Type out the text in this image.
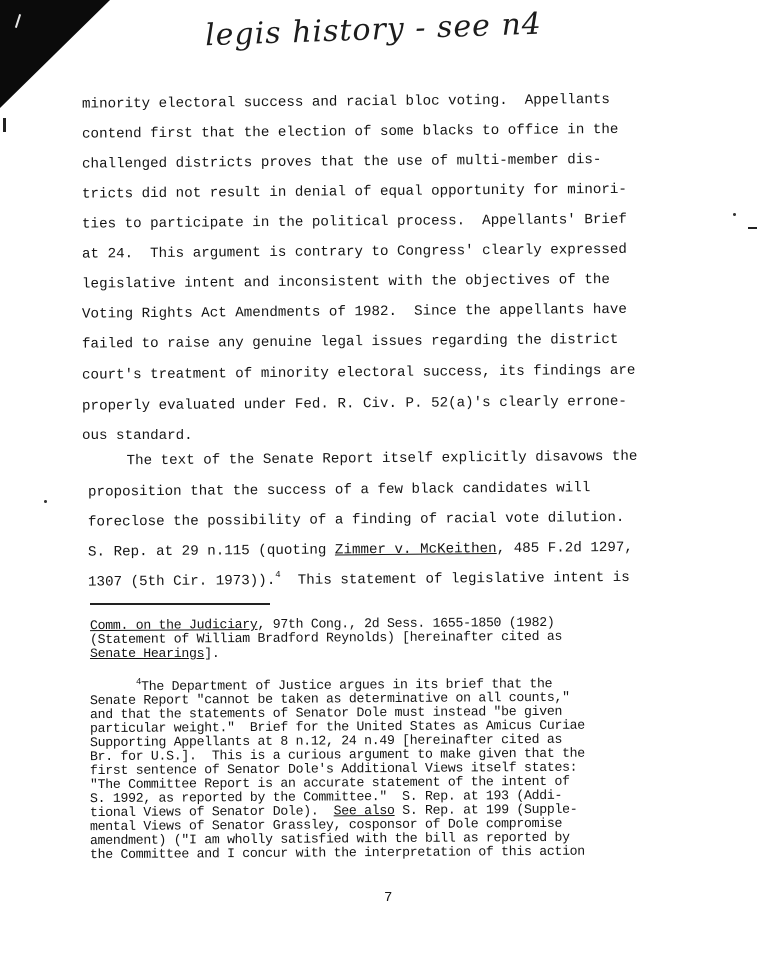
legis history - see n4

minority electoral success and racial bloc voting.  Appellants

contend first that the election of some blacks to office in the

challenged districts proves that the use of multi-member dis-

tricts did not result in denial of equal opportunity for minori-

ties to participate in the political process.  Appellants' Brief

at 24.  This argument is contrary to Congress' clearly expressed

legislative intent and inconsistent with the objectives of the

Voting Rights Act Amendments of 1982.  Since the appellants have

failed to raise any genuine legal issues regarding the district

court's treatment of minority electoral success, its findings are

properly evaluated under Fed. R. Civ. P. 52(a)'s clearly errone-

ous standard.

The text of the Senate Report itself explicitly disavows the

proposition that the success of a few black candidates will

foreclose the possibility of a finding of racial vote dilution.

S. Rep. at 29 n.115 (quoting Zimmer v. McKeithen, 485 F.2d 1297,

1307 (5th Cir. 1973)).$^4$  This statement of legislative intent is

Comm. on the Judiciary, 97th Cong., 2d Sess. 1655-1850 (1982)

(Statement of William Bradford Reynolds) [hereinafter cited as

Senate Hearings].

$^4$The Department of Justice argues in its brief that the

Senate Report "cannot be taken as determinative on all counts,"

and that the statements of Senator Dole must instead "be given

particular weight."  Brief for the United States as Amicus Curiae

Supporting Appellants at 8 n.12, 24 n.49 [hereinafter cited as

Br. for U.S.].  This is a curious argument to make given that the

first sentence of Senator Dole's Additional Views itself states:

"The Committee Report is an accurate statement of the intent of

S. 1992, as reported by the Committee."  S. Rep. at 193 (Addi-

tional Views of Senator Dole).  See also S. Rep. at 199 (Supple-

mental Views of Senator Grassley, cosponsor of Dole compromise

amendment) ("I am wholly satisfied with the bill as reported by

the Committee and I concur with the interpretation of this action

7
